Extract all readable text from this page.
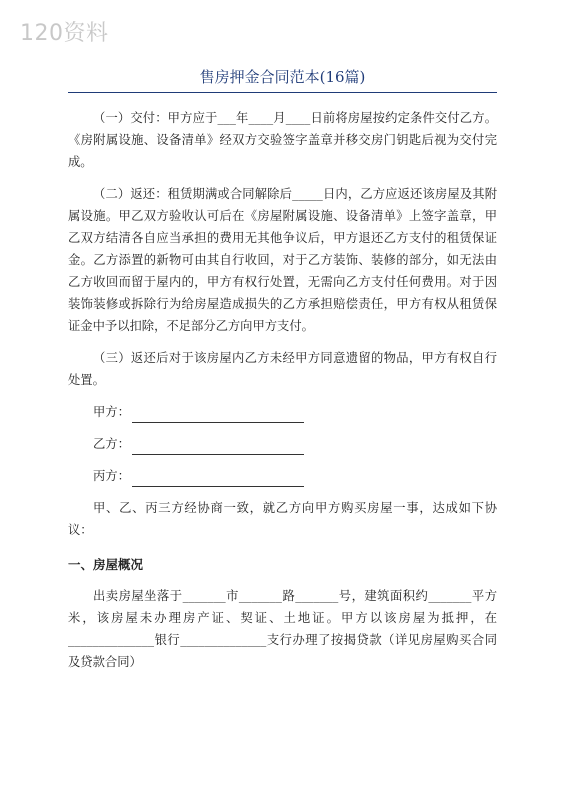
120资料
售房押金合同范本(16篇)

（一）交付：甲方应于___年____月____日前将房屋按约定条件交付乙方。《房附属设施、设备清单》经双方交验签字盖章并移交房门钥匙后视为交付完成。

（二）返还：租赁期满或合同解除后_____日内，乙方应返还该房屋及其附属设施。甲乙双方验收认可后在《房屋附属设施、设备清单》上签字盖章，甲乙双方结清各自应当承担的费用无其他争议后，甲方退还乙方支付的租赁保证金。乙方添置的新物可由其自行收回，对于乙方装饰、装修的部分，如无法由乙方收回而留于屋内的，甲方有权行处置，无需向乙方支付任何费用。对于因装饰装修或拆除行为给房屋造成损失的乙方承担赔偿责任，甲方有权从租赁保证金中予以扣除，不足部分乙方向甲方支付。

（三）返还后对于该房屋内乙方未经甲方同意遗留的物品，甲方有权自行处置。

甲方：
乙方：
丙方：

甲、乙、丙三方经协商一致，就乙方向甲方购买房屋一事，达成如下协议：

一、房屋概况

出卖房屋坐落于_______市_______路_______号，建筑面积约_______平方米，该房屋未办理房产证、契证、土地证。甲方以该房屋为抵押，在______________银行______________支行办理了按揭贷款（详见房屋购买合同及贷款合同）
